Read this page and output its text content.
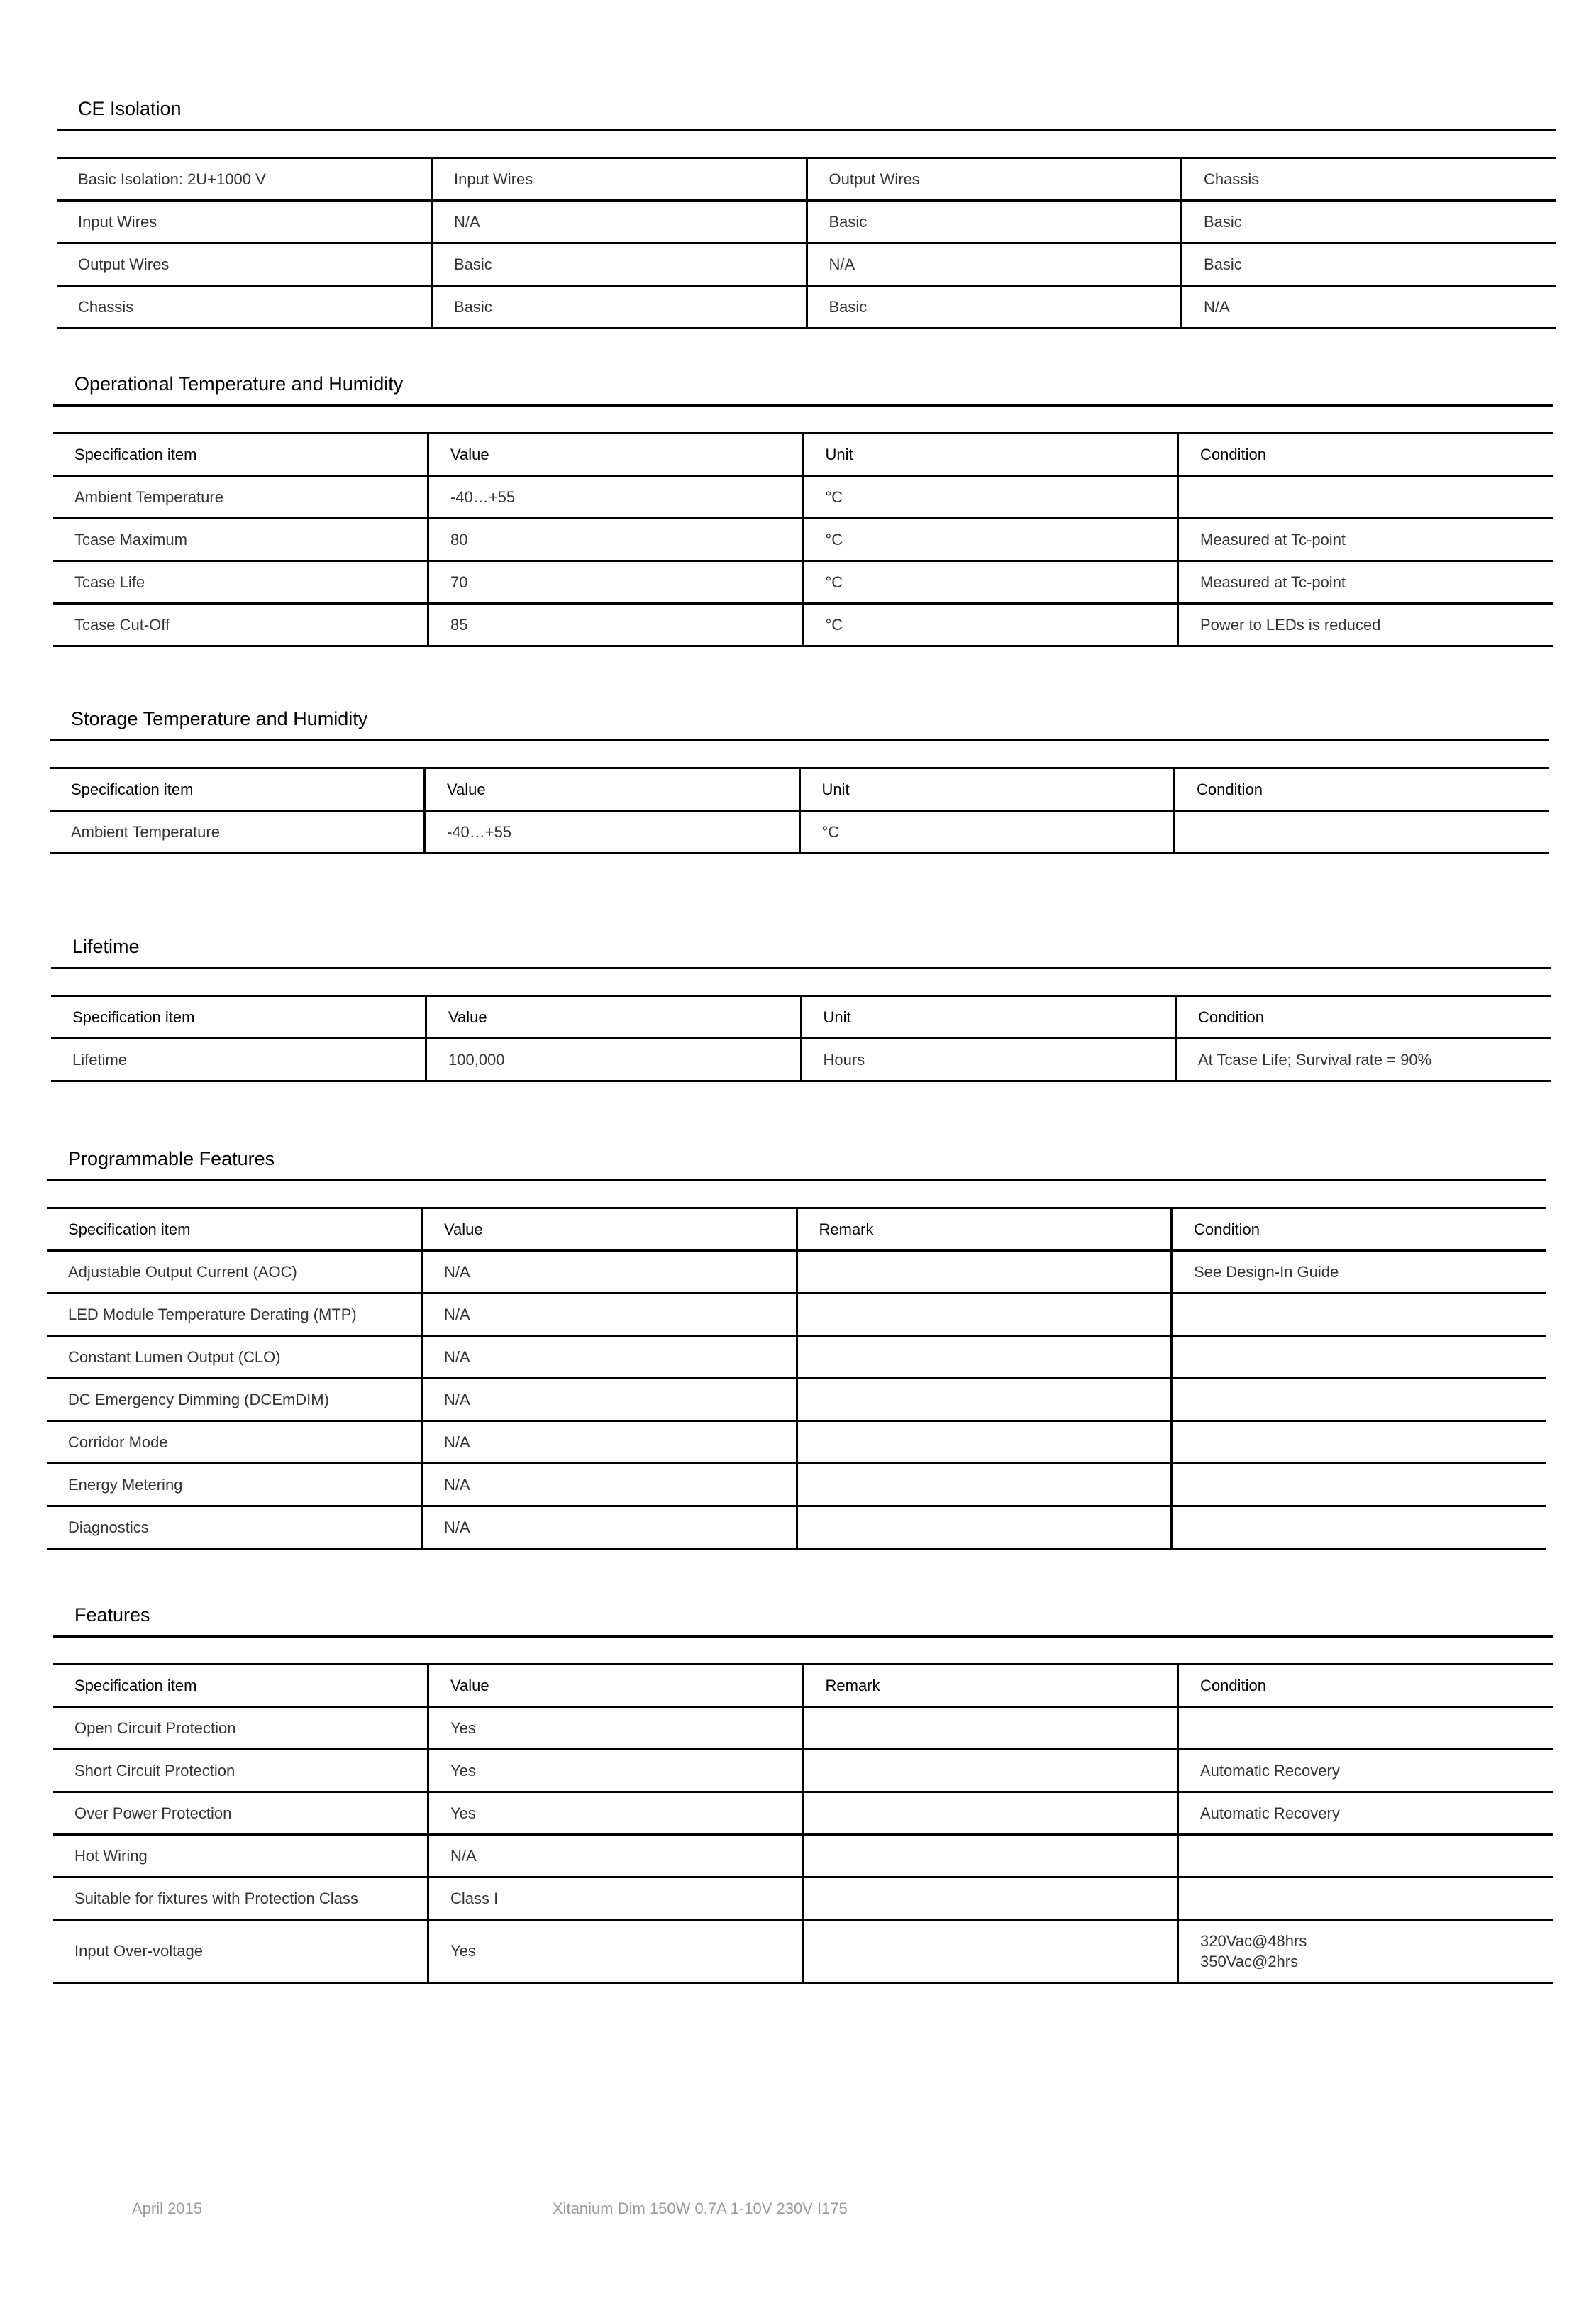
CE Isolation
Basic Isolation: 2U+1000 V	Input Wires	Output Wires	Chassis
Input Wires	N/A	Basic	Basic
Output Wires	Basic	N/A	Basic
Chassis	Basic	Basic	N/A
Operational Temperature and Humidity
Specification item	Value	Unit	Condition
Ambient Temperature	-40…+55	°C	
Tcase Maximum	80	°C	Measured at Tc-point
Tcase Life	70	°C	Measured at Tc-point
Tcase Cut-Off	85	°C	Power to LEDs is reduced
Storage Temperature and Humidity
Specification item	Value	Unit	Condition
Ambient Temperature	-40…+55	°C	
Lifetime
Specification item	Value	Unit	Condition
Lifetime	100,000	Hours	At Tcase Life; Survival rate = 90%
Programmable Features
Specification item	Value	Remark	Condition
Adjustable Output Current (AOC)	N/A		See Design-In Guide
LED Module Temperature Derating (MTP)	N/A		
Constant Lumen Output (CLO)	N/A		
DC Emergency Dimming (DCEmDIM)	N/A		
Corridor Mode	N/A		
Energy Metering	N/A		
Diagnostics	N/A		
Features
Specification item	Value	Remark	Condition
Open Circuit Protection	Yes		
Short Circuit Protection	Yes		Automatic Recovery
Over Power Protection	Yes		Automatic Recovery
Hot Wiring	N/A		
Suitable for fixtures with Protection Class	Class I		
Input Over-voltage	Yes		320Vac@48hrs
350Vac@2hrs
April 2015	Xitanium Dim 150W 0.7A 1-10V 230V I175
